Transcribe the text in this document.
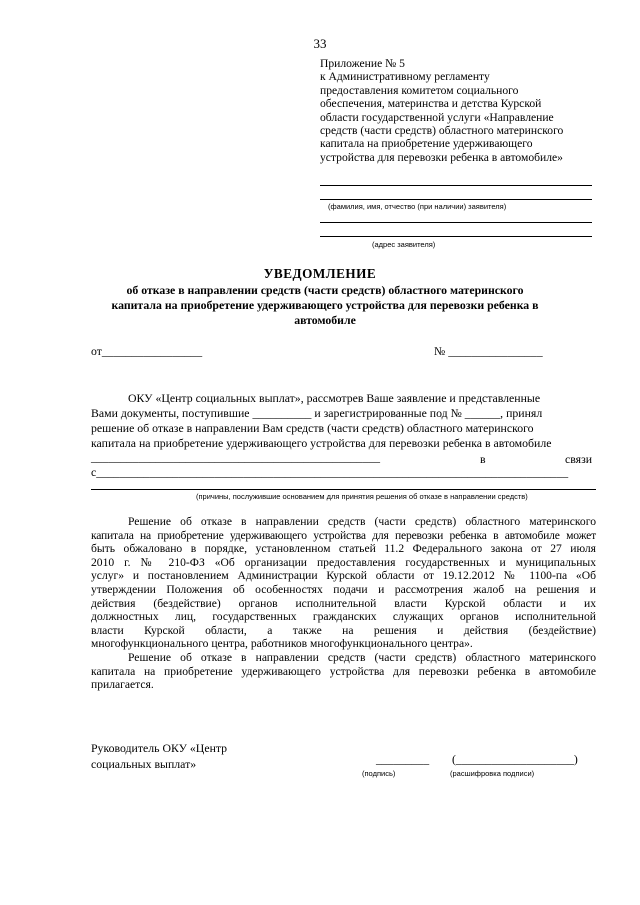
33
Приложение № 5
к Административному регламенту
предоставления комитетом социального
обеспечения, материнства и детства Курской
области государственной услуги «Направление
средств (части средств) областного материнского
капитала на приобретение удерживающего
устройства для перевозки ребенка в автомобиле»
(фамилия, имя, отчество (при наличии) заявителя)
(адрес заявителя)
УВЕДОМЛЕНИЕ
об отказе в направлении средств (части средств) областного материнского капитала на приобретение удерживающего устройства для перевозки ребенка в автомобиле
от_________________	№ ________________
ОКУ «Центр социальных выплат», рассмотрев Ваше заявление и представленные
Вами документы, поступившие __________ и зарегистрированные под № ______, принял
решение об отказе в направлении Вам средств (части средств) областного материнского
капитала на приобретение удерживающего устройства для перевозки ребенка в автомобиле
_________________________________________________	в	связи
с________________________________________________________________________________
(причины, послужившие основанием для принятия решения об отказе в направлении средств)
Решение об отказе в направлении средств (части средств) областного материнского
капитала на приобретение удерживающего устройства для перевозки ребенка в автомобиле может
быть обжаловано в порядке, установленном статьей 11.2 Федерального закона от 27 июля
2010 г. № 210-ФЗ «Об организации предоставления государственных и муниципальных
услуг» и постановлением Администрации Курской области от 19.12.2012 № 1100-па «Об
утверждении Положения об особенностях подачи и рассмотрения жалоб на решения и
действия (бездействие) органов исполнительной власти Курской области и их
должностных лиц, государственных гражданских служащих органов исполнительной
власти Курской области, а также на решения и действия (бездействие)
многофункционального центра, работников многофункционального центра».
Решение об отказе в направлении средств (части средств) областного материнского
капитала на приобретение удерживающего устройства для перевозки ребенка в автомобиле
прилагается.
Руководитель ОКУ «Центр
социальных выплат»	_________ (____________________)
(подпись)	(расшифровка подписи)
